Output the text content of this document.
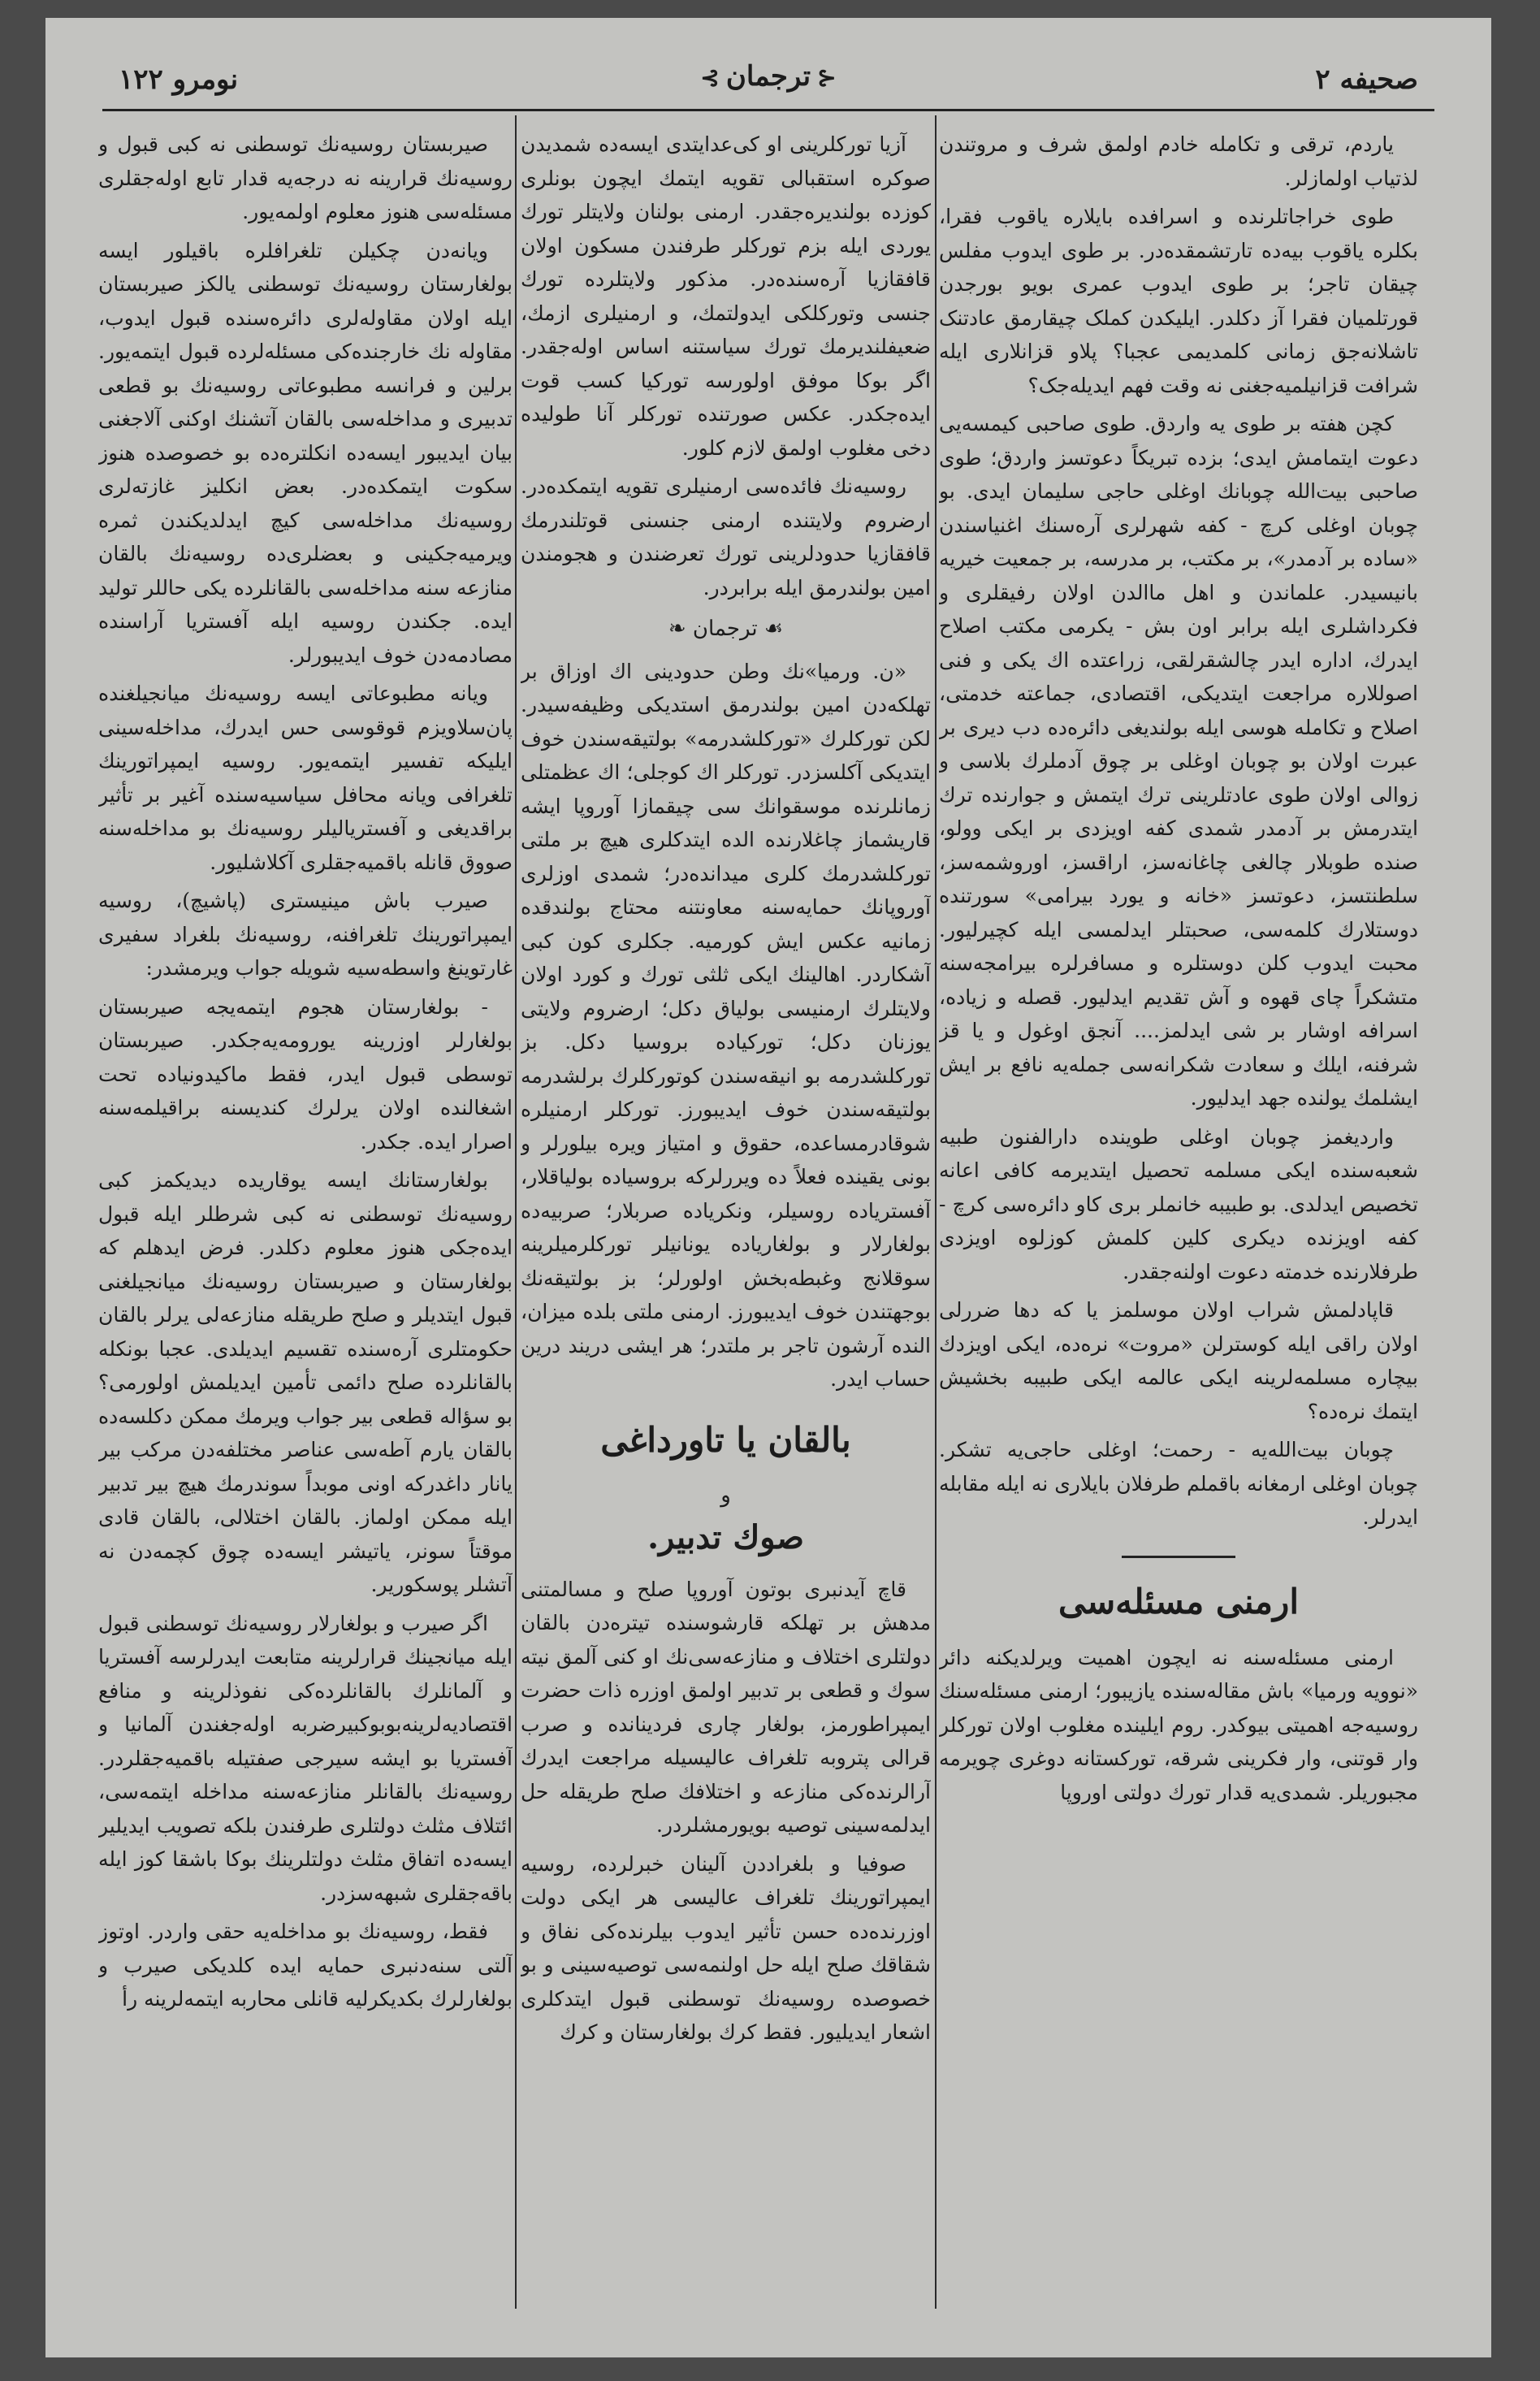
نومرو ۱۲۲	⊰ ترجمان ⊱	صحیفه ۲

یاردم، ترقی و تکامله خادم اولمق شرف و مروتندن لذتیاب اولمازلر.

طوی خراجاتلرنده و اسرافده بایلاره یاقوب فقرا، بکلره یاقوب بیه‌ده تارتشمقده‌در. بر طوی ایدوب مفلس چیقان تاجر؛ بر طوی ایدوب عمری بویو بورجدن قورتلمیان فقرا آز دکلدر. ایلیکدن کملک چیقارمق عادتنک تاشلانه‌جق زمانی کلمدیمی عجبا؟ پلاو قزانلاری ایله شرافت قزانیلمیه‌جغنی نه وقت فهم ایدیله‌جک؟

کچن هفته بر طوی یه واردق. طوی صاحبی کیمسه‌یی دعوت ایتمامش ایدی؛ بزده تبریکاً دعوتسز واردق؛ طوی صاحبی بیت‌الله چوبانك اوغلی حاجی سلیمان ایدی. بو چوبان اوغلی کرچ - کفه شهرلری آره‌سنك اغنیاسندن «ساده بر آدمدر»، بر مکتب، بر مدرسه، بر جمعیت خیریه بانیسیدر. علماندن و اهل ماالدن اولان رفیقلری و فکرداشلری ایله برابر اون بش - یکرمی مکتب اصلاح ایدرك، اداره ایدر چالشقرلقی، زراعتده اك یکی و فنی اصوللاره مراجعت ایتدیکی، اقتصادی، جماعته خدمتی، اصلاح و تکامله هوسی ایله بولندیغی دائره‌ده دب دیری بر عبرت اولان بو چوبان اوغلی بر چوق آدملرك بلاسی و زوالی اولان طوی عادتلرینی ترك ایتمش و جوارنده ترك ایتدرمش بر آدمدر شمدی کفه اویزدی بر ایکی وولو، صنده طوبلار چالغی چاغانه‌سز، اراقسز، اوروشمه‌سز، سلطنتسز، دعوتسز «خانه و یورد بیرامی» سورتنده دوستلارك کلمه‌سی، صحبتلر ایدلمسی ایله کچیرلیور. محبت ایدوب کلن دوستلره و مسافرلره بیرامجه‌سنه متشکراً چای قهوه و آش تقدیم ایدلیور. قصله و زیاده، اسرافه اوشار بر شی ایدلمز.... آنجق اوغول و یا قز شرفنه، ایلك و سعادت شکرانه‌سی جمله‌یه نافع بر ایش ایشلمك یولنده جهد ایدلیور.

واردیغمز چوبان اوغلی طوینده دارالفنون طبیه شعبه‌سنده ایکی مسلمه تحصیل ایتدیرمه کافی اعانه تخصیص ایدلدی. بو طبیبه خانملر بری کاو دائره‌سی کرچ - کفه اویزنده دیکری کلین کلمش کوزلوه اویزدی طرفلارنده خدمته دعوت اولنه‌جقدر.

قاپادلمش شراب اولان موسلمز یا که دها ضررلی اولان راقی ایله کوسترلن «مروت» نره‌ده، ایکی اویزدك بیچاره مسلمه‌لرینه ایکی عالمه ایکی طبیبه بخشیش ایتمك نره‌ده؟

چوبان بیت‌الله‌یه - رحمت؛ اوغلی حاجی‌یه تشکر. چوبان اوغلی ارمغانه باقملم طرفلان بایلاری نه ایله مقابله ایدرلر.

ارمنی مسئله‌سی

ارمنی مسئله‌سنه نه ایچون اهمیت ویرلدیکنه دائر «نوویه ورمیا» باش مقاله‌سنده یازیبور؛ ارمنی مسئله‌سنك روسیه‌جه اهمیتی بیوکدر. روم ایلینده مغلوب اولان تورکلر وار قوتنی، وار فکرینی شرقه، تورکستانه دوغری چویرمه مجبوریلر. شمدی‌یه قدار تورك دولتی اوروپا

آزیا تورکلرینی او کی‌عدایتدی ایسه‌ده شمدیدن صوکره استقبالی تقویه ایتمك ایچون بونلری کوزده بولندیره‌جقدر. ارمنی بولنان ولایتلر تورك یوردی ایله بزم تورکلر طرفندن مسکون اولان قافقازیا آره‌سنده‌در. مذکور ولایتلرده تورك جنسی وتورکلکی ایدولتمك، و ارمنیلری ازمك، ضعیفلندیرمك تورك سیاستنه اساس اوله‌جقدر. اگر بوکا موفق اولورسه تورکیا کسب قوت ایده‌جکدر. عکس صورتنده تورکلر آنا طولیده دخی مغلوب اولمق لازم کلور.

روسیه‌نك فائده‌سی ارمنیلری تقویه ایتمکده‌در. ارضروم ولایتنده ارمنی جنسنی قوتلندرمك قافقازیا حدودلرینی تورك تعرضندن و هجومندن امین بولندرمق ایله برابردر.

☙ ترجمان ❧

«ن. ورمیا»نك وطن حدودینی اك اوزاق بر تهلکه‌دن امین بولندرمق استدیکی وظیفه‌سیدر. لکن تورکلرك «تورکلشدرمه» بولتیقه‌سندن خوف ایتدیکی آکلسزدر. تورکلر اك کوجلی؛ اك عظمتلی زمانلرنده موسقوانك سی چیقمازا آوروپا ایشه قاریشماز چاغلارنده الده ایتدکلری هیچ بر ملتی تورکلشدرمك کلری میدانده‌در؛ شمدی اوزلری آوروپانك حمایه‌سنه معاونتنه محتاج بولندقده زمانیه عکس ایش کورمیه. جکلری کون کبی آشکاردر. اهالینك ایکی ثلثی تورك و کورد اولان ولایتلرك ارمنیسی بولیاق دکل؛ ارضروم ولایتی یوزنان دکل؛ تورکیاده بروسیا دکل. بز تورکلشدرمه بو انیقه‌سندن کوتورکلرك برلشدرمه بولتیقه‌سندن خوف ایدیبورز. تورکلر ارمنیلره شوقادرمساعده، حقوق و امتیاز ویره بیلورلر و بونی یقینده فعلاً ده ویررلرکه بروسیاده بولیاقلار، آفستریاده روسیلر، ونکریاده صربلار؛ صربیه‌ده بولغارلار و بولغاریاده یونانیلر تورکلرمیلرینه سوقلانج وغبطه‌بخش اولورلر؛ بز بولتیقه‌نك بوجهتندن خوف ایدیبورز. ارمنی ملتی بلده میزان، النده آرشون تاجر بر ملتدر؛ هر ایشی دریند درین حساب ایدر.

بالقان یا تاورداغی

و

صوك تدبیر.

قاچ آیدنبری بوتون آوروپا صلح و مسالمتنی مدهش بر تهلکه قارشوسنده تیتره‌دن بالقان دولتلری اختلاف و منازعه‌سی‌نك او کنی آلمق نیته سوك و قطعی بر تدبیر اولمق اوزره ذات حضرت ایمپراطورمز، بولغار چاری فردینانده و صرب قرالی پتروبه تلغراف عالیسیله مراجعت ایدرك آرالرنده‌کی منازعه و اختلافك صلح طریقله حل ایدلمه‌سینی توصیه بویورمشلردر.

صوفیا و بلغراددن آلینان خبرلرده، روسیه ایمپراتورینك تلغراف عالیسی هر ایکی دولت اوزرنده‌ده حسن تأثیر ایدوب بیلرنده‌کی نفاق و شقاقك صلح ایله حل اولنمه‌سی توصیه‌سینی و بو خصوصده روسیه‌نك توسطنی قبول ایتدکلری اشعار ایدیلیور. فقط کرك بولغارستان و کرك

صیربستان روسیه‌نك توسطنی نه کبی قبول و روسیه‌نك قرارینه نه درجه‌یه قدار تابع اوله‌جقلری مسئله‌سی هنوز معلوم اولمه‌یور.

ویانه‌دن چکیلن تلغرافلره باقیلور ایسه بولغارستان روسیه‌نك توسطنی یالکز صیربستان ایله اولان مقاوله‌لری دائره‌سنده قبول ایدوب، مقاوله نك خارجنده‌کی مسئله‌لرده قبول ایتمه‌یور. برلین و فرانسه مطبوعاتی روسیه‌نك بو قطعی تدبیری و مداخله‌سی بالقان آتشنك اوکنی آلاجغنی بیان ایدیبور ایسه‌ده انکلتره‌ده بو خصوصده هنوز سکوت ایتمکده‌در. بعض انکلیز غازته‌لری روسیه‌نك مداخله‌سی کیچ ایدلدیکندن ثمره ویرمیه‌جکینی و بعضلری‌ده روسیه‌نك بالقان منازعه سنه مداخله‌سی بالقانلرده یکی حاللر تولید ایده. جکندن روسیه ایله آفستریا آراسنده مصادمه‌دن خوف ایدیبورلر.

ویانه مطبوعاتی ایسه روسیه‌نك میانجیلغنده پان‌سلاویزم قوقوسی حس ایدرك، مداخله‌سینی ایلیکه تفسیر ایتمه‌یور. روسیه ایمپراتورینك تلغرافی ویانه محافل سیاسیه‌سنده آغیر بر تأثیر براقدیغی و آفستریالیلر روسیه‌نك بو مداخله‌سنه صووق قانله باقمیه‌جقلری آکلاشلیور.

صیرب باش مینیستری (پاشیچ)، روسیه ایمپراتورینك تلغرافنه، روسیه‌نك بلغراد سفیری غارتوینغ واسطه‌سیه شویله جواب ویرمشدر:

- بولغارستان هجوم ایتمه‌یجه صیربستان بولغارلر اوزرینه یورومه‌یه‌جکدر. صیربستان توسطی قبول ایدر، فقط ماکیدونیاده تحت اشغالنده اولان یرلرك کندیسنه براقیلمه‌سنه اصرار ایده. جکدر.

بولغارستانك ایسه یوقاریده دیدیکمز کبی روسیه‌نك توسطنی نه کبی شرطلر ایله قبول ایده‌جکی هنوز معلوم دکلدر. فرض ایدهلم که بولغارستان و صیربستان روسیه‌نك میانجیلغنی قبول ایتدیلر و صلح طریقله منازعه‌لی یرلر بالقان حکومتلری آره‌سنده تقسیم ایدیلدی. عجبا بونکله بالقانلرده صلح دائمی تأمین ایدیلمش اولورمی؟ بو سؤاله قطعی بیر جواب ویرمك ممکن دکلسه‌ده بالقان یارم آطه‌سی عناصر مختلفه‌دن مرکب بیر یانار داغدرکه اونی موبداً سوندرمك هیچ بیر تدبیر ایله ممکن اولماز. بالقان اختلالی، بالقان قادی موقتاً سونر، یاتیشر ایسه‌ده چوق کچمه‌دن نه آتشلر پوسکوریر.

اگر صیرب و بولغارلار روسیه‌نك توسطنی قبول ایله میانجینك قرارلرینه متابعت ایدرلرسه آفستریا و آلمانلرك بالقانلرده‌کی نفوذلرینه و منافع اقتصادیه‌لرینه‌بوبوکبیرضربه اوله‌جغندن آلمانیا و آفستریا بو ایشه سیرجی صفتیله باقمیه‌جقلردر. روسیه‌نك بالقانلر منازعه‌سنه مداخله ایتمه‌سی، ائتلاف مثلث دولتلری طرفندن بلکه تصویب ایدیلیر ایسه‌ده اتفاق مثلث دولتلرینك بوکا باشقا کوز ایله باقه‌جقلری شبهه‌سزدر.

فقط، روسیه‌نك بو مداخله‌یه حقی واردر. اوتوز آلتی سنه‌دنبری حمایه ایده کلدیکی صیرب و بولغارلرك بکدیکرلیه قانلی محاربه ایتمه‌لرینه رأ
